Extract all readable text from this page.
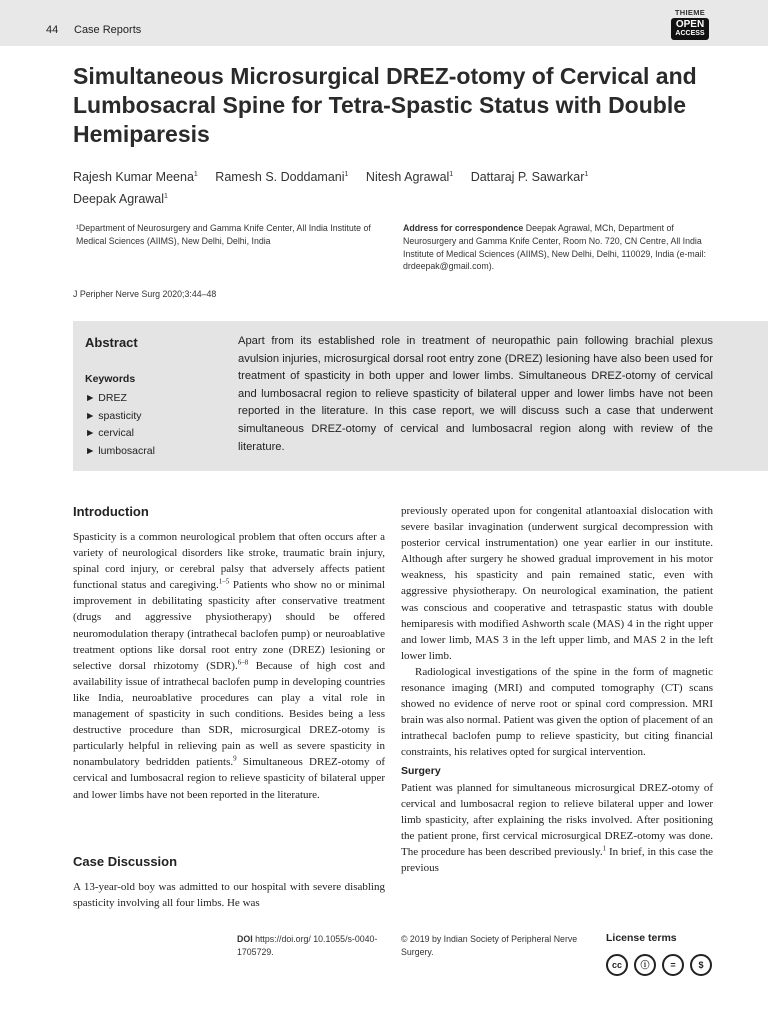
44 Case Reports
THIEME
OPEN
ACCESS
Simultaneous Microsurgical DREZ-otomy of Cervical and Lumbosacral Spine for Tetra-Spastic Status with Double Hemiparesis
Rajesh Kumar Meena$^1$ Ramesh S. Doddamani$^1$ Nitesh Agrawal$^1$ Dattaraj P. Sawarkar$^1$
Deepak Agrawal$^1$
¹Department of Neurosurgery and Gamma Knife Center, All India Institute of Medical Sciences (AIIMS), New Delhi, Delhi, India
Address for correspondence Deepak Agrawal, MCh, Department of Neurosurgery and Gamma Knife Center, Room No. 720, CN Centre, All India Institute of Medical Sciences (AIIMS), New Delhi, Delhi, 110029, India (e-mail: drdeepak@gmail.com).
J Peripher Nerve Surg 2020;3:44–48
Abstract
Keywords
► DREZ
► spasticity
► cervical
► lumbosacral

Apart from its established role in treatment of neuropathic pain following brachial plexus avulsion injuries, microsurgical dorsal root entry zone (DREZ) lesioning have also been used for treatment of spasticity in both upper and lower limbs. Simultaneous DREZ-otomy of cervical and lumbosacral region to relieve spasticity of bilateral upper and lower limbs have not been reported in the literature. In this case report, we will discuss such a case that underwent simultaneous DREZ-otomy of cervical and lumbosacral region along with review of the literature.

Introduction

Spasticity is a common neurological problem that often occurs after a variety of neurological disorders like stroke, traumatic brain injury, spinal cord injury, or cerebral palsy that adversely affects patient functional status and caregiving.$^{1-5}$ Patients who show no or minimal improvement in debilitating spasticity after conservative treatment (drugs and aggressive physiotherapy) should be offered neuromodulation therapy (intrathecal baclofen pump) or neuroablative treatment options like dorsal root entry zone (DREZ) lesioning or selective dorsal rhizotomy (SDR).$^{6-8}$ Because of high cost and availability issue of intrathecal baclofen pump in developing countries like India, neuroablative procedures can play a vital role in management of spasticity in such conditions. Besides being a less destructive procedure than SDR, microsurgical DREZ-otomy is particularly helpful in relieving pain as well as severe spasticity in nonambulatory bedridden patients.$^9$ Simultaneous DREZ-otomy of cervical and lumbosacral region to relieve spasticity of bilateral upper and lower limbs have not been reported in the literature.

Case Discussion

A 13-year-old boy was admitted to our hospital with severe disabling spasticity involving all four limbs. He was

previously operated upon for congenital atlantoaxial dislocation with severe basilar invagination (underwent surgical decompression with posterior cervical instrumentation) one year earlier in our institute. Although after surgery he showed gradual improvement in his motor weakness, his spasticity and pain remained static, even with aggressive physiotherapy. On neurological examination, the patient was conscious and cooperative and tetraspastic status with double hemiparesis with modified Ashworth scale (MAS) 4 in the right upper and lower limb, MAS 3 in the left upper limb, and MAS 2 in the left lower limb.

Radiological investigations of the spine in the form of magnetic resonance imaging (MRI) and computed tomography (CT) scans showed no evidence of nerve root or spinal cord compression. MRI brain was also normal. Patient was given the option of placement of an intrathecal baclofen pump to relieve spasticity, but citing financial constraints, his relatives opted for surgical intervention.

Surgery

Patient was planned for simultaneous microsurgical DREZ-otomy of cervical and lumbosacral region to relieve bilateral upper and lower limb spasticity, after explaining the risks involved. After positioning the patient prone, first cervical microsurgical DREZ-otomy was done. The procedure has been described previously.$^1$ In brief, in this case the previous

DOI https://doi.org/ 10.1055/s-0040-1705729.
© 2019 by Indian Society of Peripheral Nerve Surgery.
License terms
cc	ⓘ	=	$
